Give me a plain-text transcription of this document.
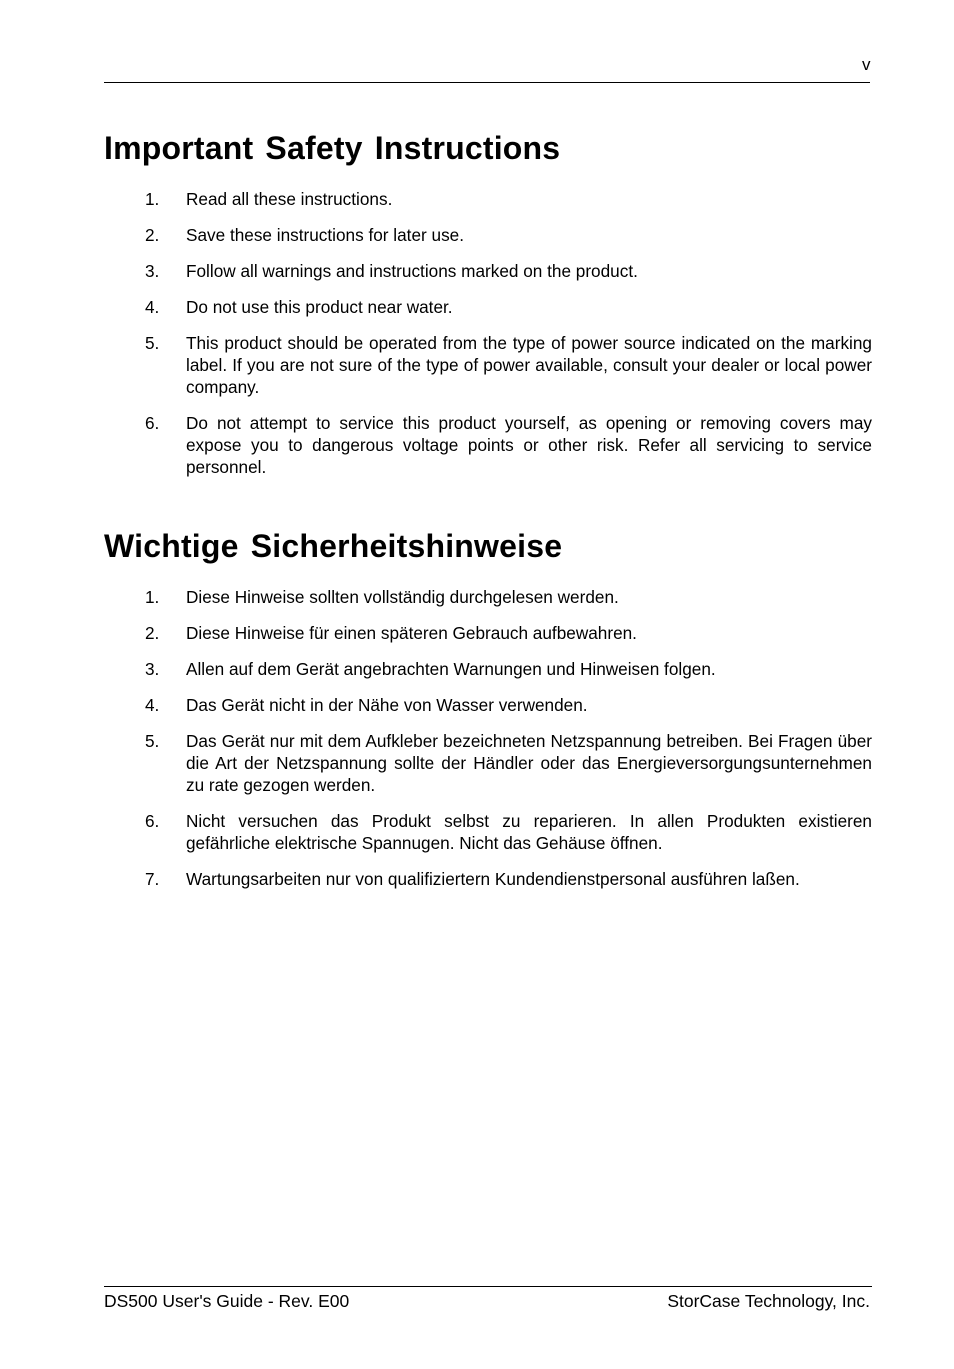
v
Important Safety Instructions
1. Read all these instructions.
2. Save these instructions for later use.
3. Follow all warnings and instructions marked on the product.
4. Do not use this product near water.
5. This product should be operated from the type of power source indicated on the marking label. If you are not sure of the type of power available, consult your dealer or local power company.
6. Do not attempt to service this product yourself, as opening or removing covers may expose you to dangerous voltage points or other risk. Refer all servicing to service personnel.
Wichtige Sicherheitshinweise
1. Diese Hinweise sollten vollständig durchgelesen werden.
2. Diese Hinweise für einen späteren Gebrauch aufbewahren.
3. Allen auf dem Gerät angebrachten Warnungen und Hinweisen folgen.
4. Das Gerät nicht in der Nähe von Wasser verwenden.
5. Das Gerät nur mit dem Aufkleber bezeichneten Netzspannung betreiben. Bei Fragen über die Art der Netzspannung sollte der Händler oder das Energieversorgungsunternehmen zu rate gezogen werden.
6. Nicht versuchen das Produkt selbst zu reparieren. In allen Produkten existieren gefährliche elektrische Spannugen. Nicht das Gehäuse öffnen.
7. Wartungsarbeiten nur von qualifiziertern Kundendienstpersonal ausführen laßen.
DS500 User's Guide - Rev. E00	StorCase Technology, Inc.
